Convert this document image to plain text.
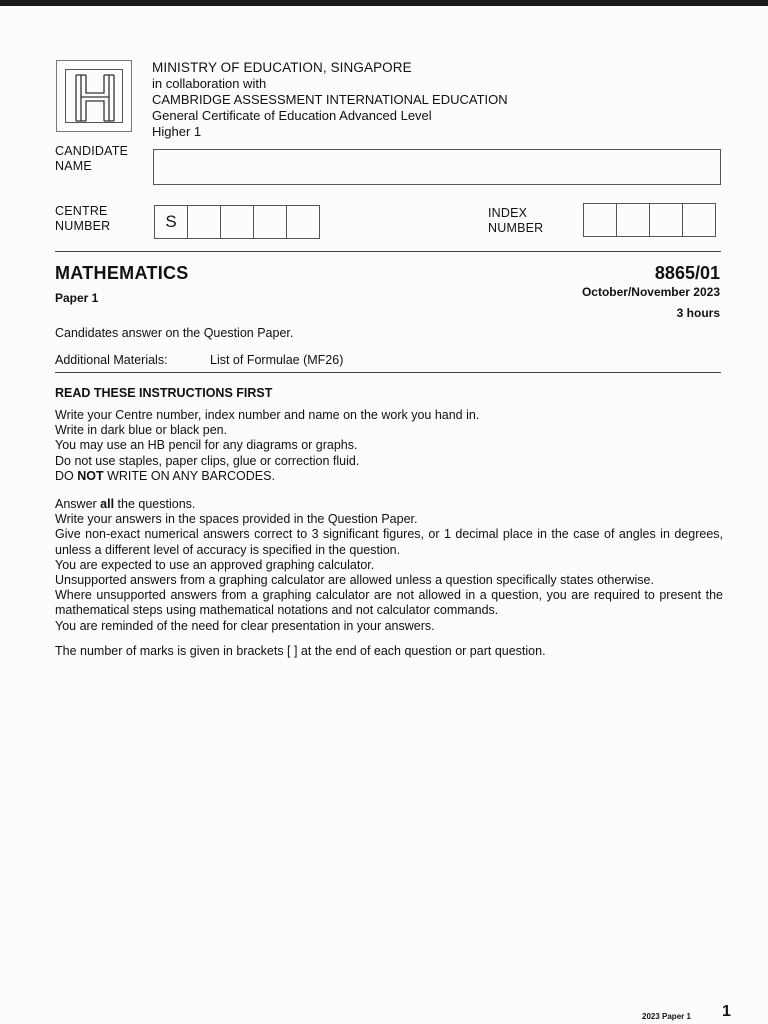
MINISTRY OF EDUCATION, SINGAPORE
in collaboration with
CAMBRIDGE ASSESSMENT INTERNATIONAL EDUCATION
General Certificate of Education Advanced Level
Higher 1
CANDIDATE
NAME
CENTRE
NUMBER	S	INDEX
NUMBER
MATHEMATICS	8865/01
Paper 1	October/November 2023
3 hours
Candidates answer on the Question Paper.
Additional Materials:	List of Formulae (MF26)
READ THESE INSTRUCTIONS FIRST

Write your Centre number, index number and name on the work you hand in.

Write in dark blue or black pen.

You may use an HB pencil for any diagrams or graphs.

Do not use staples, paper clips, glue or correction fluid.

DO NOT WRITE ON ANY BARCODES.

Answer all the questions.

Write your answers in the spaces provided in the Question Paper.

Give non-exact numerical answers correct to 3 significant figures, or 1 decimal place in the case of angles in degrees, unless a different level of accuracy is specified in the question.

You are expected to use an approved graphing calculator.

Unsupported answers from a graphing calculator are allowed unless a question specifically states otherwise.

Where unsupported answers from a graphing calculator are not allowed in a question, you are required to present the mathematical steps using mathematical notations and not calculator commands.

You are reminded of the need for clear presentation in your answers.

The number of marks is given in brackets [ ] at the end of each question or part question.
2023 Paper 1 1
